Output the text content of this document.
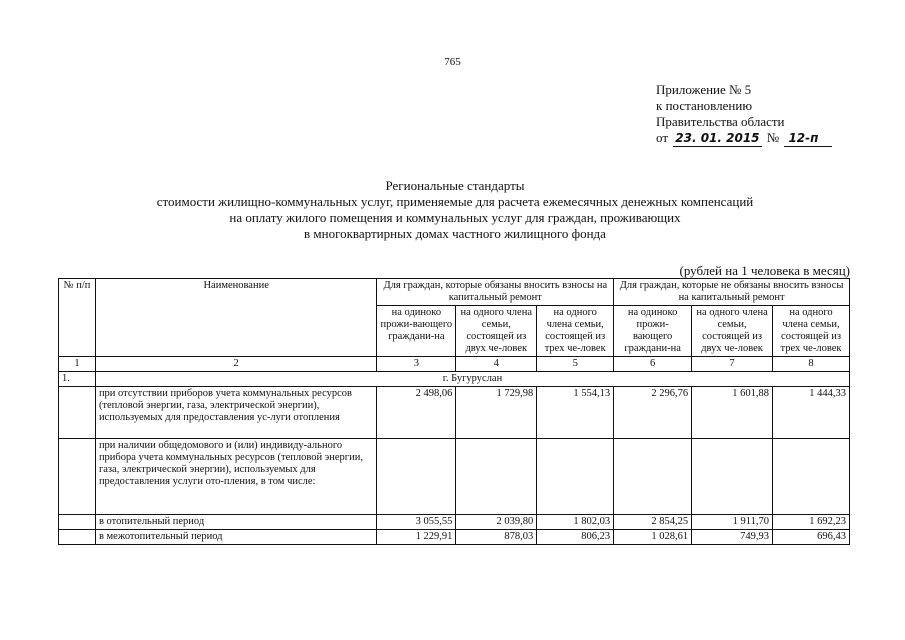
765
Приложение № 5
к постановлению
Правительства области
от 23. 01. 2015 № 12-п
Региональные стандарты
стоимости жилищно-коммунальных услуг, применяемые для расчета ежемесячных денежных компенсаций
на оплату жилого помещения и коммунальных услуг для граждан, проживающих
в многоквартирных домах частного жилищного фонда
(рублей на 1 человека в месяц)
№ п/п	Наименование	Для граждан, которые обязаны вносить взносы на капитальный ремонт			Для граждан, которые не обязаны вносить взносы на капитальный ремонт		
		на одиноко прожи-вающего граждани-на	на одного члена семьи, состоящей из двух че-ловек	на одного члена семьи, состоящей из трех че-ловек	на одиноко прожи-вающего граждани-на	на одного члена семьи, состоящей из двух че-ловек	на одного члена семьи, состоящей из трех че-ловек
1	2	3	4	5	6	7	8
1.	г. Бугуруслан						
	при отсутствии приборов учета коммунальных ресурсов (тепловой энергии, газа, электрической энергии), используемых для предоставления ус-луги отопления	2 498,06	1 729,98	1 554,13	2 296,76	1 601,88	1 444,33
	при наличии общедомового и (или) индивиду-ального прибора учета коммунальных ресурсов (тепловой энергии, газа, электрической энергии), используемых для предоставления услуги ото-пления, в том числе:						
	в отопительный период	3 055,55	2 039,80	1 802,03	2 854,25	1 911,70	1 692,23
	в межотопительный период	1 229,91	878,03	806,23	1 028,61	749,93	696,43
